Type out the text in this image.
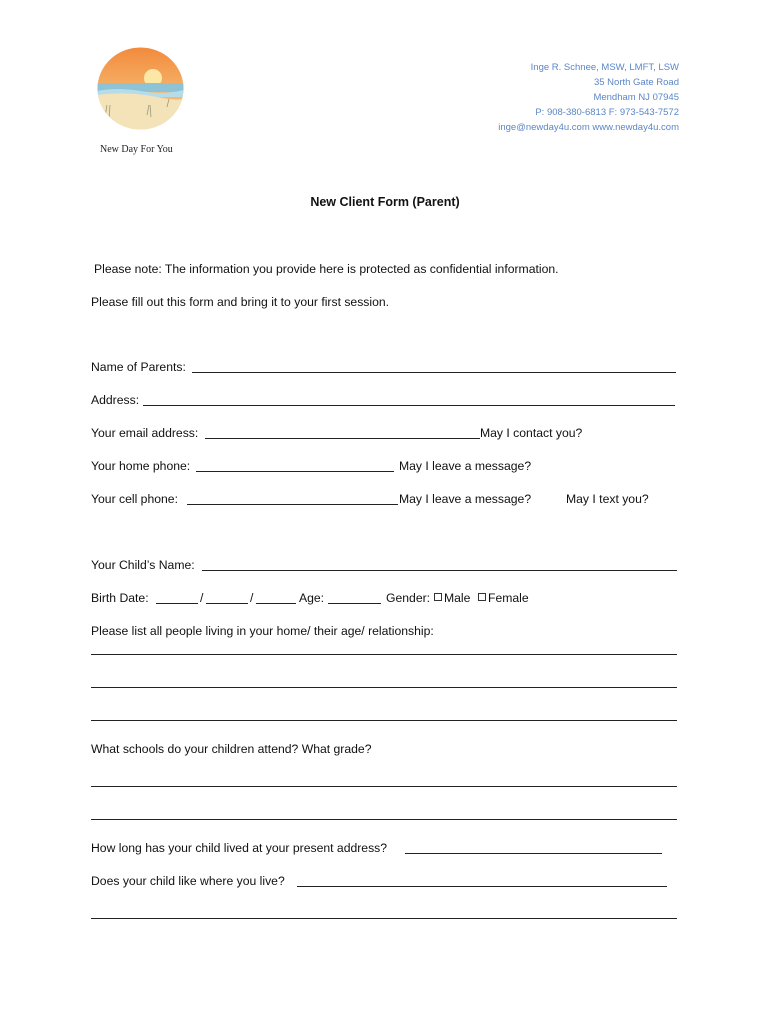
New Day For You
Inge R. Schnee, MSW, LMFT, LSW
35 North Gate Road
Mendham NJ 07945
P: 908-380-6813 F: 973-543-7572
inge@newday4u.com www.newday4u.com
New Client Form (Parent)
Please note: The information you provide here is protected as confidential information.
Please fill out this form and bring it to your first session.
Name of Parents:
Address:
Your email address:	May I contact you?
Your home phone:	May I leave a message?
Your cell phone:	May I leave a message?	May I text you?
Your Child’s Name:
Birth Date:	/	/	Age:	Gender: Male	Female
Please list all people living in your home/ their age/ relationship:
What schools do your children attend? What grade?
How long has your child lived at your present address?
Does your child like where you live?
